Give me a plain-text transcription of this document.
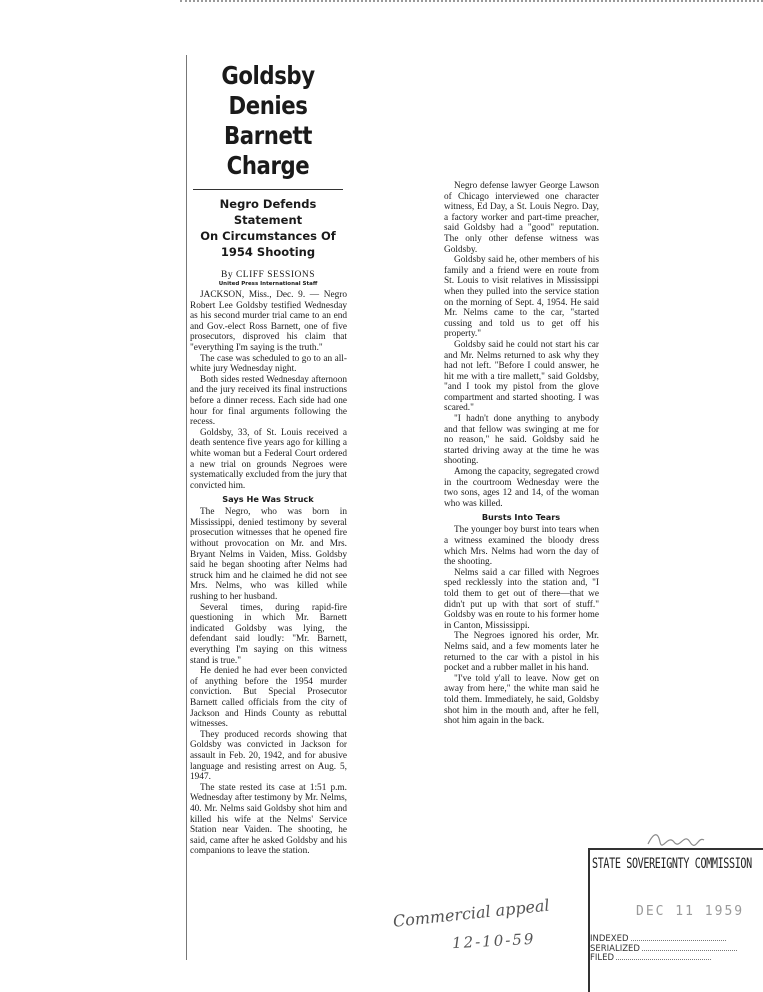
Goldsby Denies
Barnett Charge
Negro Defends Statement
On Circumstances Of
1954 Shooting
By CLIFF SESSIONS
United Press International Staff

JACKSON, Miss., Dec. 9. — Negro Robert Lee Goldsby testified Wednesday as his second murder trial came to an end and Gov.-elect Ross Barnett, one of five prosecutors, disproved his claim that "everything I'm saying is the truth."

The case was scheduled to go to an all-white jury Wednesday night.

Both sides rested Wednesday afternoon and the jury received its final instructions before a dinner recess. Each side had one hour for final arguments following the recess.

Goldsby, 33, of St. Louis received a death sentence five years ago for killing a white woman but a Federal Court ordered a new trial on grounds Negroes were systematically excluded from the jury that convicted him.

Says He Was Struck

The Negro, who was born in Mississippi, denied testimony by several prosecution witnesses that he opened fire without provocation on Mr. and Mrs. Bryant Nelms in Vaiden, Miss. Goldsby said he began shooting after Nelms had struck him and he claimed he did not see Mrs. Nelms, who was killed while rushing to her husband.

Several times, during rapid-fire questioning in which Mr. Barnett indicated Goldsby was lying, the defendant said loudly: "Mr. Barnett, everything I'm saying on this witness stand is true."

He denied he had ever been convicted of anything before the 1954 murder conviction. But Special Prosecutor Barnett called officials from the city of Jackson and Hinds County as rebuttal witnesses.

They produced records showing that Goldsby was convicted in Jackson for assault in Feb. 20, 1942, and for abusive language and resisting arrest on Aug. 5, 1947.

The state rested its case at 1:51 p.m. Wednesday after testimony by Mr. Nelms, 40. Mr. Nelms said Goldsby shot him and killed his wife at the Nelms' Service Station near Vaiden. The shooting, he said, came after he asked Goldsby and his companions to leave the station.

Negro defense lawyer George Lawson of Chicago interviewed one character witness, Ed Day, a St. Louis Negro. Day, a factory worker and part-time preacher, said Goldsby had a "good" reputation. The only other defense witness was Goldsby.

Goldsby said he, other members of his family and a friend were en route from St. Louis to visit relatives in Mississippi when they pulled into the service station on the morning of Sept. 4, 1954. He said Mr. Nelms came to the car, "started cussing and told us to get off his property."

Goldsby said he could not start his car and Mr. Nelms returned to ask why they had not left. "Before I could answer, he hit me with a tire mallett," said Goldsby, "and I took my pistol from the glove compartment and started shooting. I was scared."

"I hadn't done anything to anybody and that fellow was swinging at me for no reason," he said. Goldsby said he started driving away at the time he was shooting.

Among the capacity, segregated crowd in the courtroom Wednesday were the two sons, ages 12 and 14, of the woman who was killed.

Bursts Into Tears

The younger boy burst into tears when a witness examined the bloody dress which Mrs. Nelms had worn the day of the shooting.

Nelms said a car filled with Negroes sped recklessly into the station and, "I told them to get out of there—that we didn't put up with that sort of stuff." Goldsby was en route to his former home in Canton, Mississippi.

The Negroes ignored his order, Mr. Nelms said, and a few moments later he returned to the car with a pistol in his pocket and a rubber mallet in his hand.

"I've told y'all to leave. Now get on away from here," the white man said he told them. Immediately, he said, Goldsby shot him in the mouth and, after he fell, shot him again in the back.

Commercial appeal
12-10-59
STATE SOVEREIGNTY COMMISSION
DEC 11 1959
INDEXED
SERIALIZED
FILED
